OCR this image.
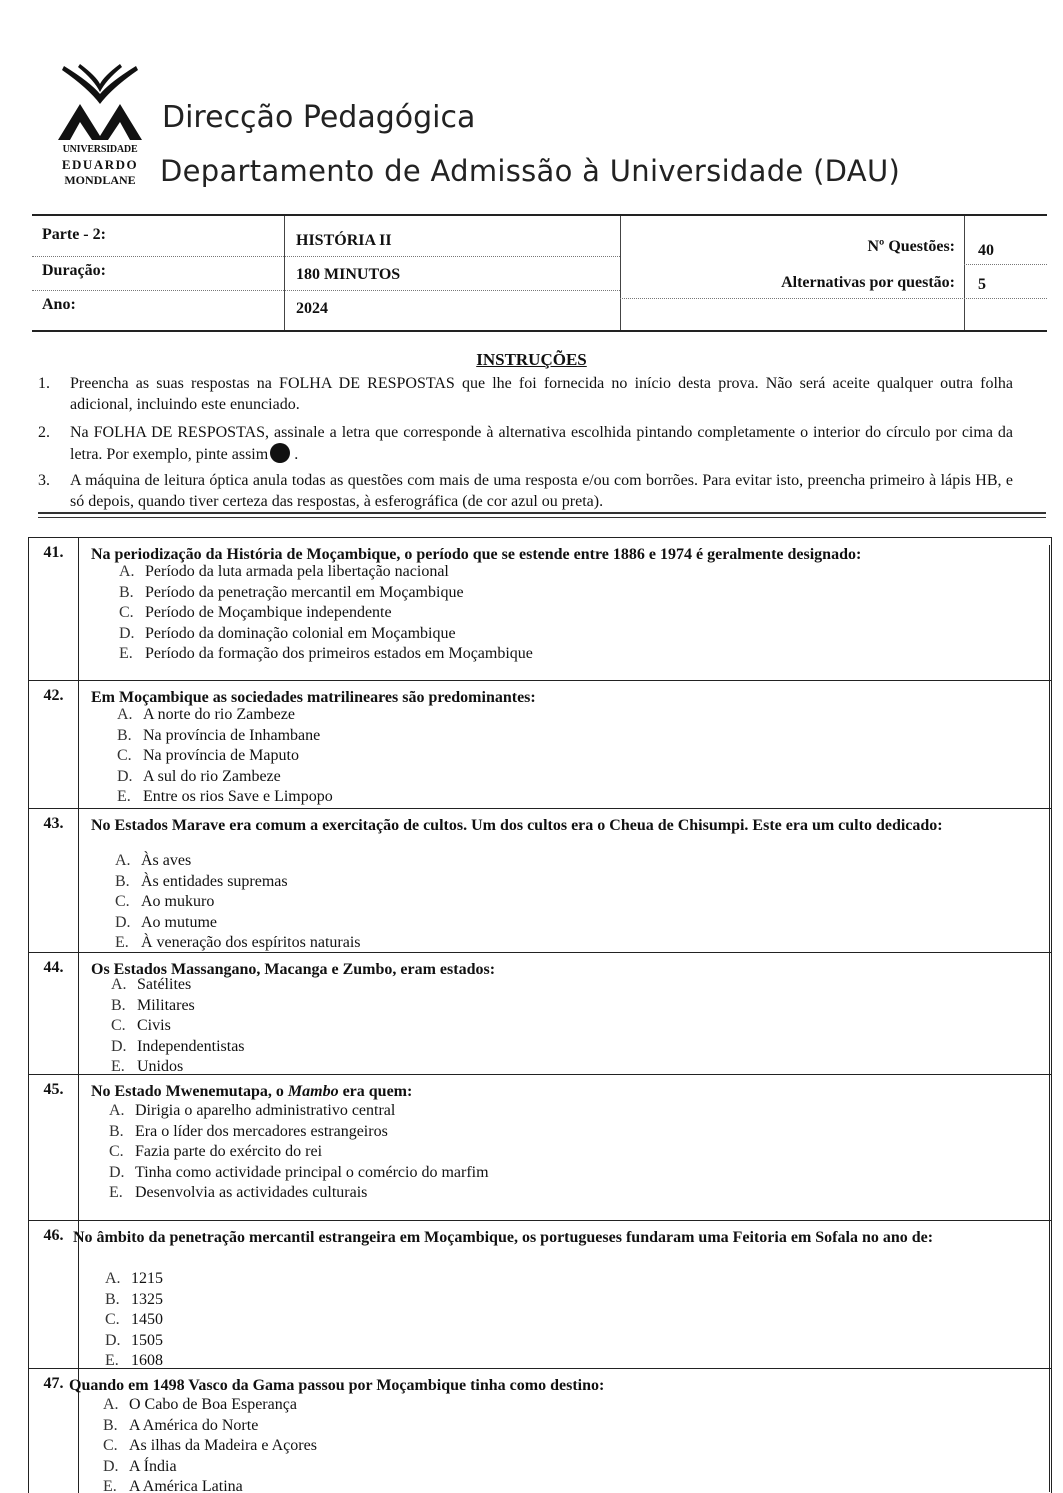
UNIVERSIDADE
EDUARDO
MONDLANE
Direcção Pedagógica
Departamento de Admissão à Universidade (DAU)
Parte - 2:	HISTÓRIA II
Duração:	180 MINUTOS
Ano:	2024
Nº Questões: 40
Alternativas por questão: 5
INSTRUÇÕES
1. Preencha as suas respostas na FOLHA DE RESPOSTAS que lhe foi fornecida no início desta prova. Não será aceite qualquer outra folha adicional, incluindo este enunciado.
2. Na FOLHA DE RESPOSTAS, assinale a letra que corresponde à alternativa escolhida pintando completamente o interior do círculo por cima da letra. Por exemplo, pinte assim .
3. A máquina de leitura óptica anula todas as questões com mais de uma resposta e/ou com borrões. Para evitar isto, preencha primeiro à lápis HB, e só depois, quando tiver certeza das respostas, à esferográfica (de cor azul ou preta).
41.	Na periodização da História de Moçambique, o período que se estende entre 1886 e 1974 é geralmente designado:
A. Período da luta armada pela libertação nacional
B. Período da penetração mercantil em Moçambique
C. Período de Moçambique independente
D. Período da dominação colonial em Moçambique
E. Período da formação dos primeiros estados em Moçambique
42.	Em Moçambique as sociedades matrilineares são predominantes:
A. A norte do rio Zambeze
B. Na província de Inhambane
C. Na província de Maputo
D. A sul do rio Zambeze
E. Entre os rios Save e Limpopo
43.	No Estados Marave era comum a exercitação de cultos. Um dos cultos era o Cheua de Chisumpi. Este era um culto dedicado:
A. Às aves
B. Às entidades supremas
C. Ao mukuro
D. Ao mutume
E. À veneração dos espíritos naturais
44.	Os Estados Massangano, Macanga e Zumbo, eram estados:
A. Satélites
B. Militares
C. Civis
D. Independentistas
E. Unidos
45.	No Estado Mwenemutapa, o Mambo era quem:
A. Dirigia o aparelho administrativo central
B. Era o líder dos mercadores estrangeiros
C. Fazia parte do exército do rei
D. Tinha como actividade principal o comércio do marfim
E. Desenvolvia as actividades culturais
46. No âmbito da penetração mercantil estrangeira em Moçambique, os portugueses fundaram uma Feitoria em Sofala no ano de:
A. 1215
B. 1325
C. 1450
D. 1505
E. 1608
47. Quando em 1498 Vasco da Gama passou por Moçambique tinha como destino:
A. O Cabo de Boa Esperança
B. A América do Norte
C. As ilhas da Madeira e Açores
D. A Índia
E. A América Latina
